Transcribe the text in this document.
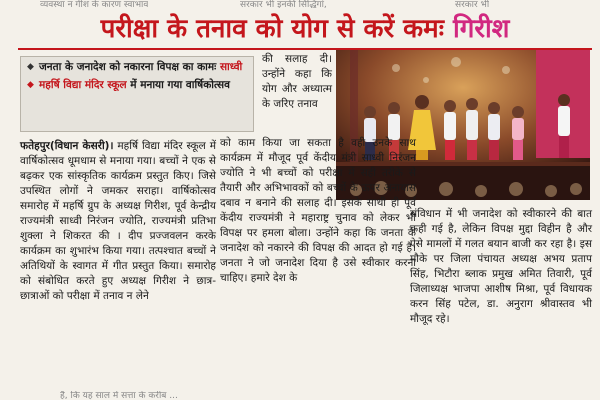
व्यवस्था न गीश के कारण स्वाभाव	सरकार भी इनकी सिद्धिंगां,	सरकार भी
परीक्षा के तनाव को योग से करें कमः गिरीश
◆ जनता के जनादेश को नकारना विपक्ष का कामः साध्वी
◆ महर्षि विद्या मंदिर स्कूल में मनाया गया वार्षिकोत्सव
की सलाह दी। उन्होंने कहा कि योग और अध्यात्म के जरिए तनाव
फतेहपुर(विधान केसरी)। महर्षि विद्या मंदिर स्कूल में वार्षिकोत्सव धूमधाम से मनाया गया। बच्चों ने एक से बढ़कर एक सांस्कृतिक कार्यक्रम प्रस्तुत किए। जिसे उपस्थित लोगों ने जमकर सराहा। वार्षिकोत्सव समारोह में महर्षि ग्रुप के अध्यक्ष गिरीश, पूर्व केन्द्रीय राज्यमंत्री साध्वी निरंजन ज्योति, राज्यमंत्री प्रतिभा शुक्ला ने शिकरत की । दीप प्रज्जवलन करके कार्यक्रम का शुभारंभ किया गया। तत्पश्चात बच्चों ने अतिथियों के स्वागत में गीत प्रस्तुत किया। समारोह को संबोधित करते हुए अध्यक्ष गिरीश ने छात्र-छात्राओं को परीक्षा में तनाव न लेने
को काम किया जा सकता है वही उनके साथ कार्यक्रम में मौजूद पूर्व केंदीय मंत्री साध्वी निरंजन ज्योति ने भी बच्चों को परीक्षा में सही तरीके से तैयारी और अभिभावकों को बच्चों के ऊपर अनायास दबाव न बनाने की सलाह दी। इसके साथी ही पूर्व केंदीय राज्यमंत्री ने महाराष्ट्र चुनाव को लेकर भी विपक्ष पर हमला बोला। उन्होंने कहा कि जनता के जनादेश को नकारने की विपक्ष की आदत हो गई है। जनता ने जो जनादेश दिया है उसे स्वीकार करना चाहिए। हमारे देश के
संविधान में भी जनादेश को स्वीकारने की बात कही गई है, लेकिन विपक्ष मुद्दा विहीन है और ऐसे मामलों में गलत बयान बाजी कर रहा है। इस मौके पर जिला पंचायत अध्यक्ष अभय प्रताप सिंह, भिटौरा ब्लाक प्रमुख अमित तिवारी, पूर्व जिलाध्यक्ष भाजपा आशीष मिश्रा, पूर्व विधायक करन सिंह पटेल, डा. अनुराग श्रीवास्तव भी मौजूद रहे।
है, कि यह साल में सत्ता के करीब ...
